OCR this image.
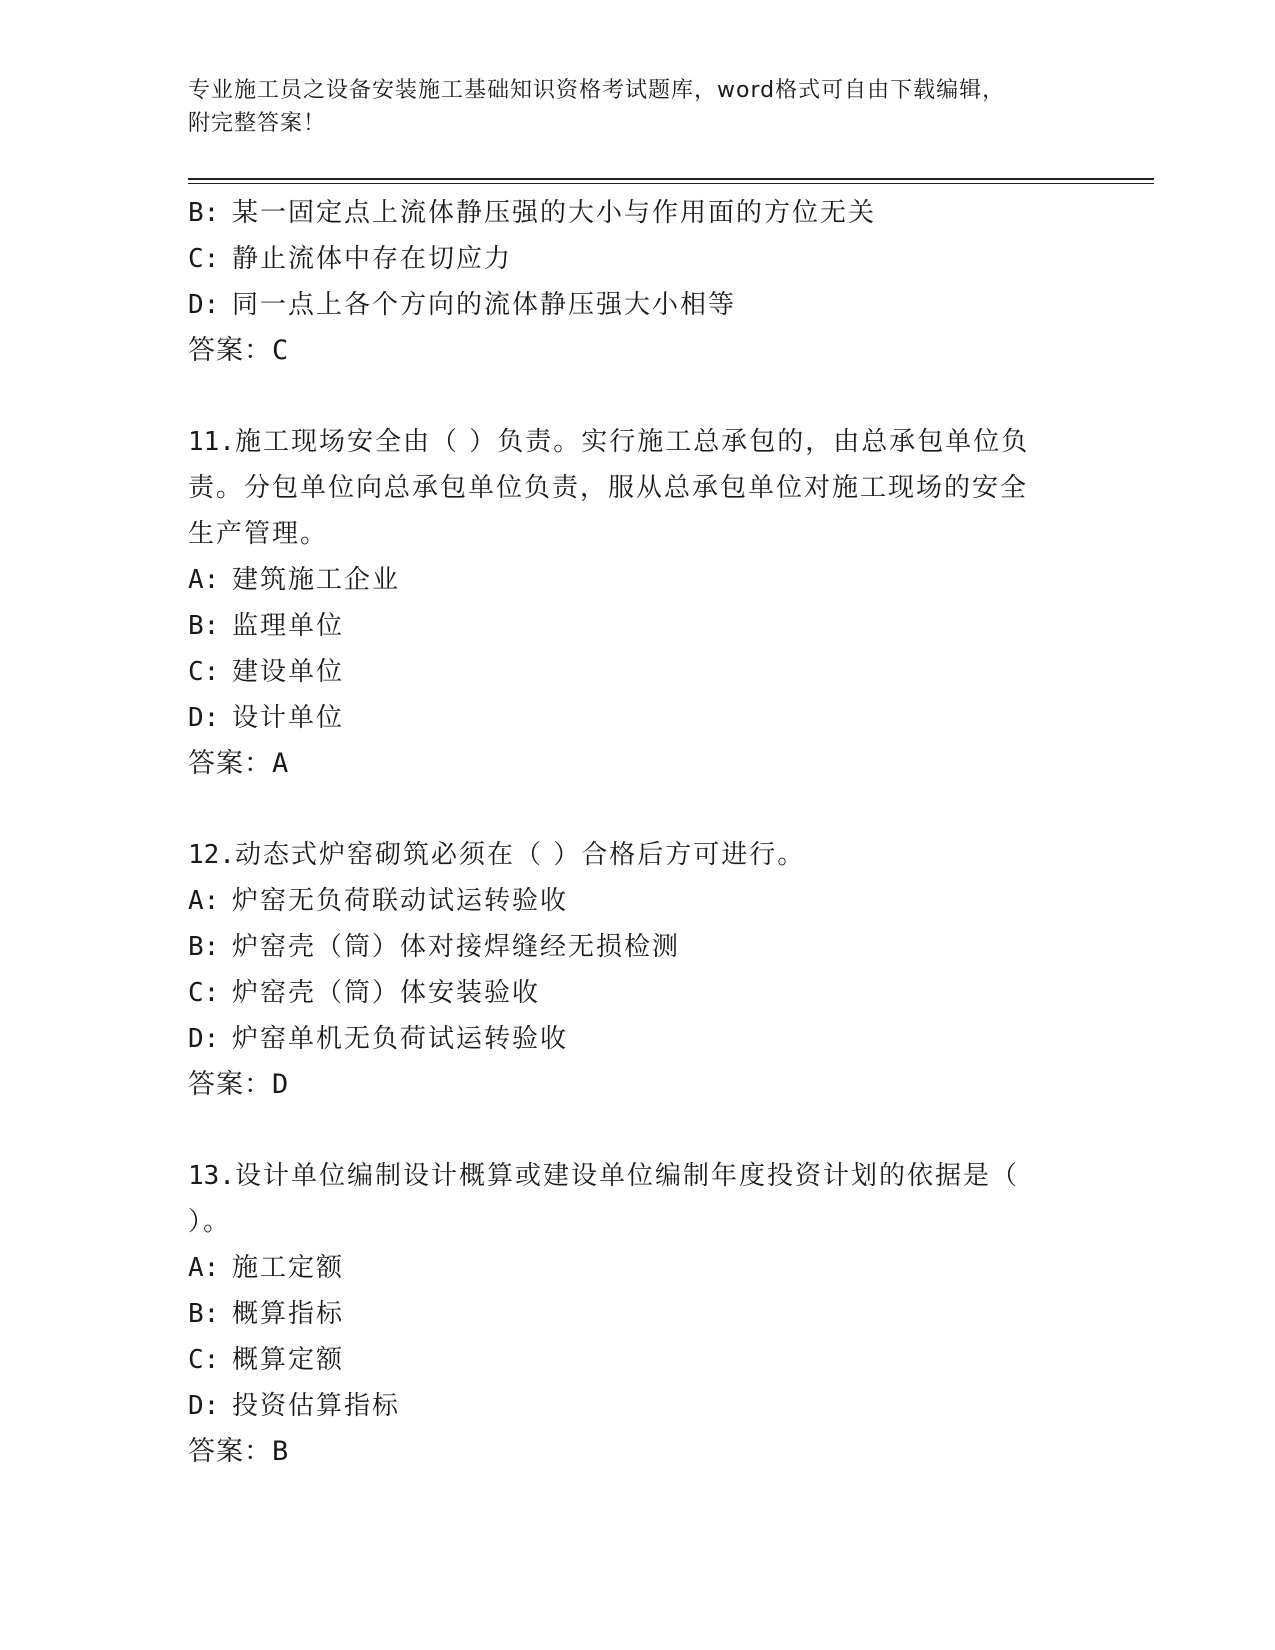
专业施工员之设备安装施工基础知识资格考试题库，word格式可自由下载编辑，
附完整答案！
B: 某一固定点上流体静压强的大小与作用面的方位无关
C: 静止流体中存在切应力
D: 同一点上各个方向的流体静压强大小相等
答案：C
11.施工现场安全由（ ）负责。实行施工总承包的，由总承包单位负
责。分包单位向总承包单位负责，服从总承包单位对施工现场的安全
生产管理。
A: 建筑施工企业
B: 监理单位
C: 建设单位
D: 设计单位
答案：A
12.动态式炉窑砌筑必须在（ ）合格后方可进行。
A: 炉窑无负荷联动试运转验收
B: 炉窑壳（筒）体对接焊缝经无损检测
C: 炉窑壳（筒）体安装验收
D: 炉窑单机无负荷试运转验收
答案：D
13.设计单位编制设计概算或建设单位编制年度投资计划的依据是（
）。
A: 施工定额
B: 概算指标
C: 概算定额
D: 投资估算指标
答案：B
